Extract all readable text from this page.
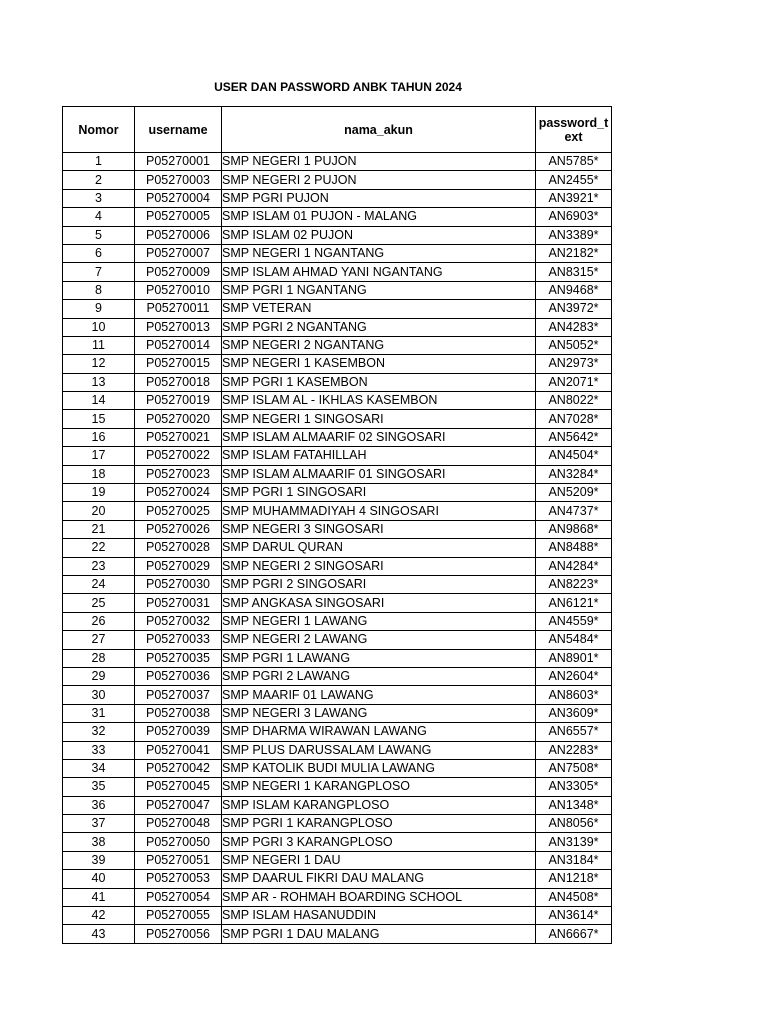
USER DAN PASSWORD ANBK TAHUN 2024
Nomor	username	nama_akun	password_text
1	P05270001	SMP NEGERI 1 PUJON	AN5785*
2	P05270003	SMP NEGERI 2 PUJON	AN2455*
3	P05270004	SMP PGRI PUJON	AN3921*
4	P05270005	SMP ISLAM 01 PUJON - MALANG	AN6903*
5	P05270006	SMP ISLAM 02 PUJON	AN3389*
6	P05270007	SMP NEGERI 1 NGANTANG	AN2182*
7	P05270009	SMP ISLAM AHMAD YANI NGANTANG	AN8315*
8	P05270010	SMP PGRI 1 NGANTANG	AN9468*
9	P05270011	SMP VETERAN	AN3972*
10	P05270013	SMP PGRI 2 NGANTANG	AN4283*
11	P05270014	SMP NEGERI 2 NGANTANG	AN5052*
12	P05270015	SMP NEGERI 1 KASEMBON	AN2973*
13	P05270018	SMP PGRI 1 KASEMBON	AN2071*
14	P05270019	SMP ISLAM AL - IKHLAS KASEMBON	AN8022*
15	P05270020	SMP NEGERI 1 SINGOSARI	AN7028*
16	P05270021	SMP ISLAM ALMAARIF 02 SINGOSARI	AN5642*
17	P05270022	SMP ISLAM FATAHILLAH	AN4504*
18	P05270023	SMP ISLAM ALMAARIF 01 SINGOSARI	AN3284*
19	P05270024	SMP PGRI 1 SINGOSARI	AN5209*
20	P05270025	SMP MUHAMMADIYAH 4 SINGOSARI	AN4737*
21	P05270026	SMP NEGERI 3 SINGOSARI	AN9868*
22	P05270028	SMP DARUL QURAN	AN8488*
23	P05270029	SMP NEGERI 2 SINGOSARI	AN4284*
24	P05270030	SMP PGRI 2 SINGOSARI	AN8223*
25	P05270031	SMP ANGKASA SINGOSARI	AN6121*
26	P05270032	SMP NEGERI 1 LAWANG	AN4559*
27	P05270033	SMP NEGERI 2 LAWANG	AN5484*
28	P05270035	SMP PGRI 1 LAWANG	AN8901*
29	P05270036	SMP PGRI 2 LAWANG	AN2604*
30	P05270037	SMP MAARIF 01 LAWANG	AN8603*
31	P05270038	SMP NEGERI 3 LAWANG	AN3609*
32	P05270039	SMP DHARMA WIRAWAN LAWANG	AN6557*
33	P05270041	SMP PLUS DARUSSALAM LAWANG	AN2283*
34	P05270042	SMP KATOLIK BUDI MULIA LAWANG	AN7508*
35	P05270045	SMP NEGERI 1 KARANGPLOSO	AN3305*
36	P05270047	SMP ISLAM KARANGPLOSO	AN1348*
37	P05270048	SMP PGRI 1 KARANGPLOSO	AN8056*
38	P05270050	SMP PGRI 3 KARANGPLOSO	AN3139*
39	P05270051	SMP NEGERI 1 DAU	AN3184*
40	P05270053	SMP DAARUL FIKRI DAU MALANG	AN1218*
41	P05270054	SMP AR - ROHMAH BOARDING SCHOOL	AN4508*
42	P05270055	SMP ISLAM HASANUDDIN	AN3614*
43	P05270056	SMP PGRI 1 DAU MALANG	AN6667*
